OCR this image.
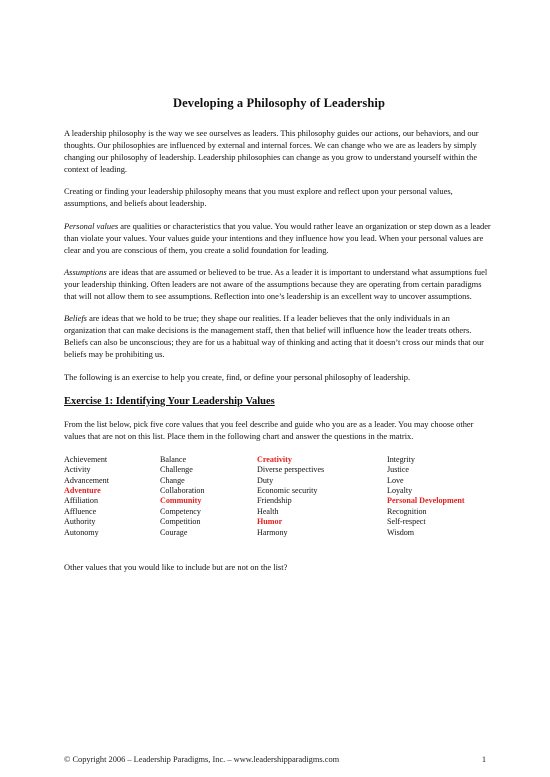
Developing a Philosophy of Leadership

A leadership philosophy is the way we see ourselves as leaders. This philosophy guides our actions, our behaviors, and our thoughts. Our philosophies are influenced by external and internal forces. We can change who we are as leaders by simply changing our philosophy of leadership. Leadership philosophies can change as you grow to understand yourself within the context of leading.

Creating or finding your leadership philosophy means that you must explore and reflect upon your personal values, assumptions, and beliefs about leadership.

Personal values are qualities or characteristics that you value. You would rather leave an organization or step down as a leader than violate your values. Your values guide your intentions and they influence how you lead. When your personal values are clear and you are conscious of them, you create a solid foundation for leading.

Assumptions are ideas that are assumed or believed to be true. As a leader it is important to understand what assumptions fuel your leadership thinking. Often leaders are not aware of the assumptions because they are operating from certain paradigms that will not allow them to see assumptions. Reflection into one’s leadership is an excellent way to uncover assumptions.

Beliefs are ideas that we hold to be true; they shape our realities. If a leader believes that the only individuals in an organization that can make decisions is the management staff, then that belief will influence how the leader treats others. Beliefs can also be unconscious; they are for us a habitual way of thinking and acting that it doesn’t cross our minds that our beliefs may be prohibiting us.

The following is an exercise to help you create, find, or define your personal philosophy of leadership.

Exercise 1: Identifying Your Leadership Values

From the list below, pick five core values that you feel describe and guide who you are as a leader. You may choose other values that are not on this list. Place them in the following chart and answer the questions in the matrix.

Achievement	Balance	Creativity	Integrity
Activity	Challenge	Diverse perspectives	Justice
Advancement	Change	Duty	Love
Adventure	Collaboration	Economic security	Loyalty
Affiliation	Community	Friendship	Personal Development
Affluence	Competency	Health	Recognition
Authority	Competition	Humor	Self-respect
Autonomy	Courage	Harmony	Wisdom

Other values that you would like to include but are not on the list?

© Copyright 2006 – Leadership Paradigms, Inc. – www.leadershipparadigms.com	1
